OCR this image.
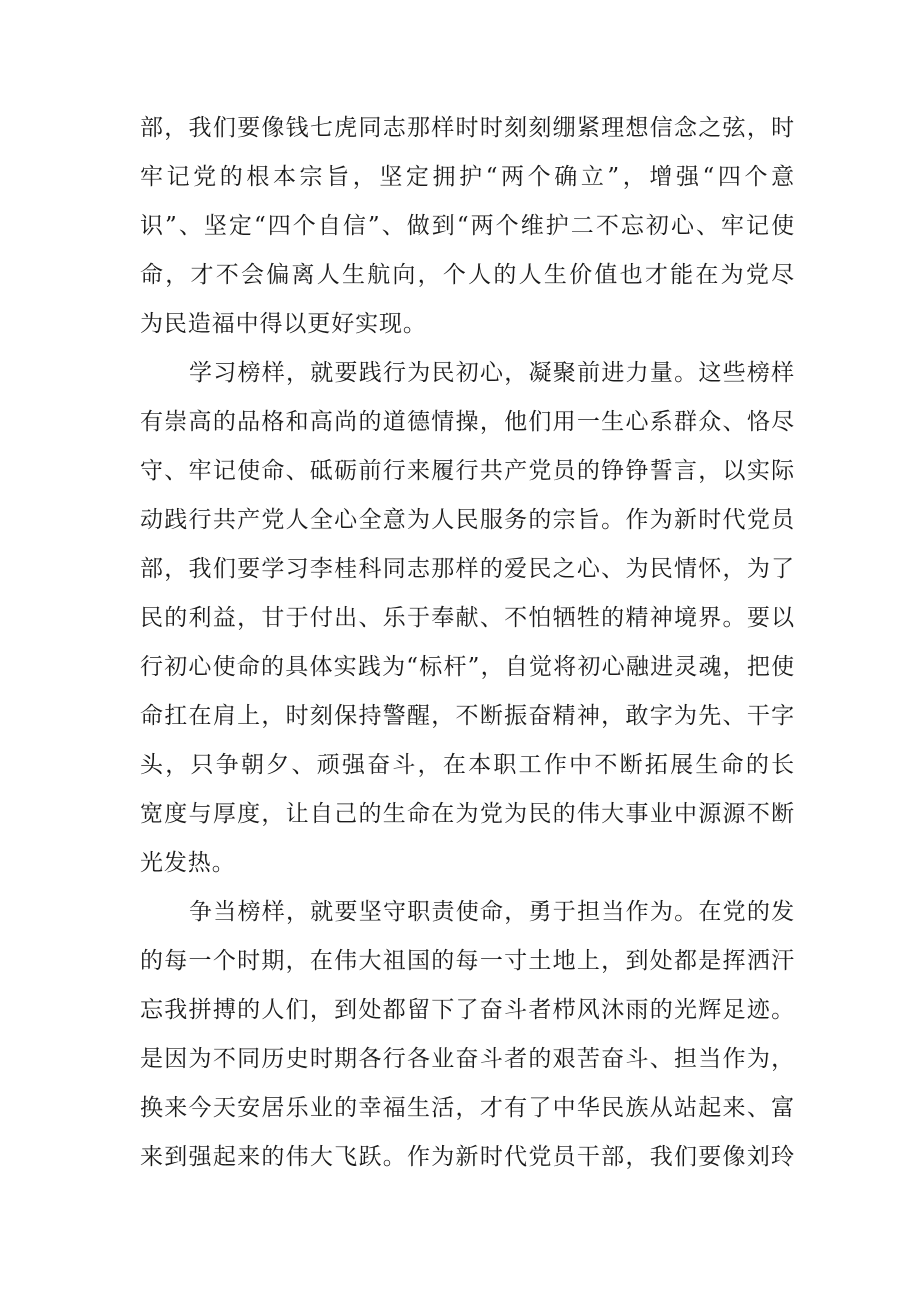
部，我们要像钱七虎同志那样时时刻刻绷紧理想信念之弦，时
牢记党的根本宗旨，坚定拥护“两个确立”，增强“四个意
识”、坚定“四个自信”、做到“两个维护二不忘初心、牢记使
命，才不会偏离人生航向，个人的人生价值也才能在为党尽
为民造福中得以更好实现。
学习榜样，就要践行为民初心，凝聚前进力量。这些榜样
有崇高的品格和高尚的道德情操，他们用一生心系群众、恪尽
守、牢记使命、砥砺前行来履行共产党员的铮铮誓言，以实际
动践行共产党人全心全意为人民服务的宗旨。作为新时代党员
部，我们要学习李桂科同志那样的爱民之心、为民情怀，为了
民的利益，甘于付出、乐于奉献、不怕牺牲的精神境界。要以
行初心使命的具体实践为“标杆”，自觉将初心融进灵魂，把使
命扛在肩上，时刻保持警醒，不断振奋精神，敢字为先、干字
头，只争朝夕、顽强奋斗，在本职工作中不断拓展生命的长
宽度与厚度，让自己的生命在为党为民的伟大事业中源源不断
光发热。
争当榜样，就要坚守职责使命，勇于担当作为。在党的发
的每一个时期，在伟大祖国的每一寸土地上，到处都是挥洒汗
忘我拼搏的人们，到处都留下了奋斗者栉风沐雨的光辉足迹。
是因为不同历史时期各行各业奋斗者的艰苦奋斗、担当作为，
换来今天安居乐业的幸福生活，才有了中华民族从站起来、富
来到强起来的伟大飞跃。作为新时代党员干部，我们要像刘玲
